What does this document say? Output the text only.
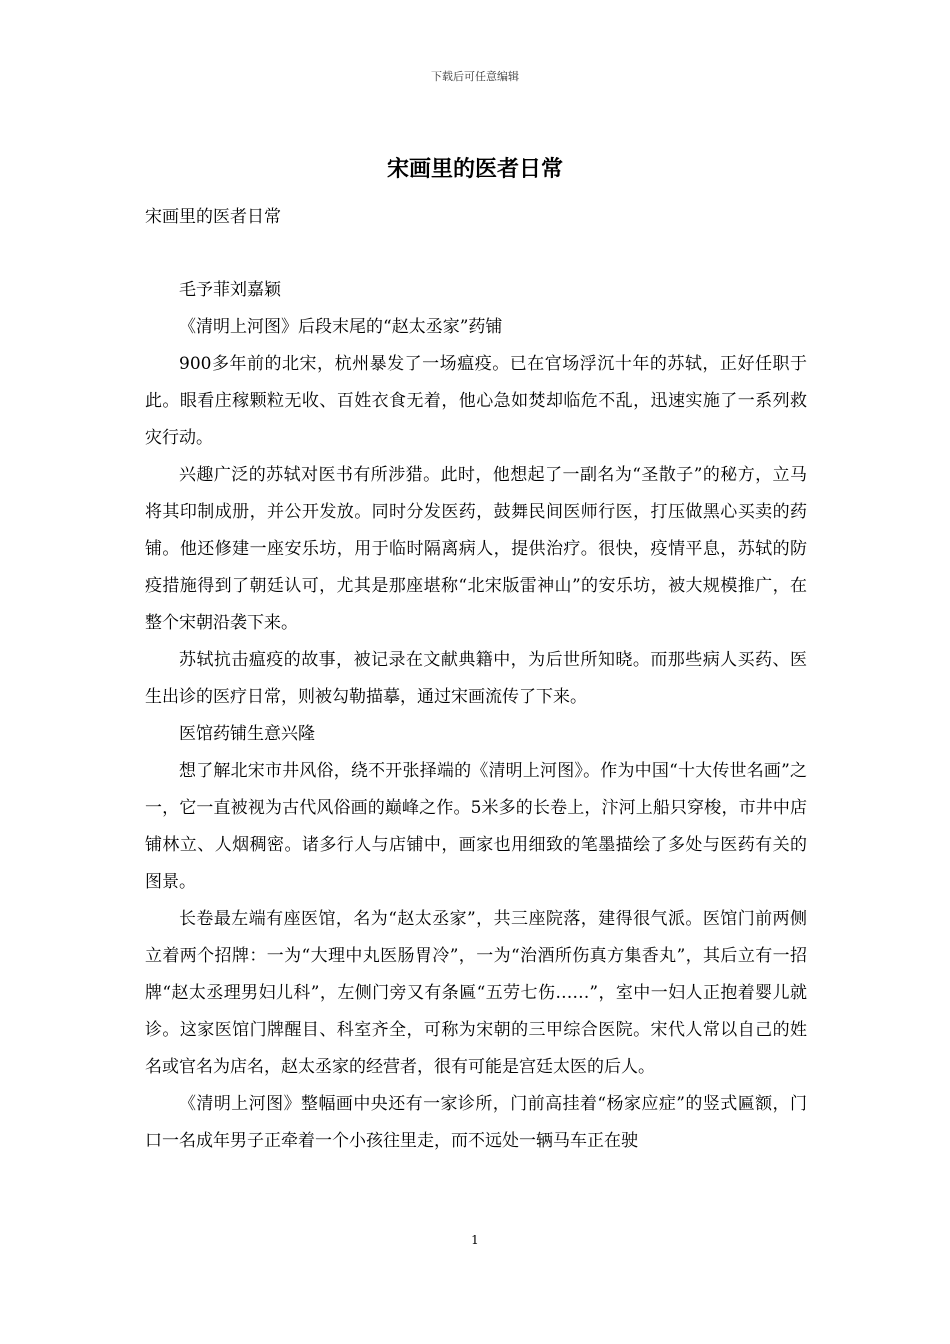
下载后可任意编辑
宋画里的医者日常

宋画里的医者日常

毛予菲刘嘉颖

《清明上河图》后段末尾的“赵太丞家”药铺

900多年前的北宋，杭州暴发了一场瘟疫。已在官场浮沉十年的苏轼，正好任职于此。眼看庄稼颗粒无收、百姓衣食无着，他心急如焚却临危不乱，迅速实施了一系列救灾行动。

兴趣广泛的苏轼对医书有所涉猎。此时，他想起了一副名为“圣散子”的秘方，立马将其印制成册，并公开发放。同时分发医药，鼓舞民间医师行医，打压做黑心买卖的药铺。他还修建一座安乐坊，用于临时隔离病人，提供治疗。很快，疫情平息，苏轼的防疫措施得到了朝廷认可，尤其是那座堪称“北宋版雷神山”的安乐坊，被大规模推广，在整个宋朝沿袭下来。

苏轼抗击瘟疫的故事，被记录在文献典籍中，为后世所知晓。而那些病人买药、医生出诊的医疗日常，则被勾勒描摹，通过宋画流传了下来。

医馆药铺生意兴隆

想了解北宋市井风俗，绕不开张择端的《清明上河图》。作为中国“十大传世名画”之一，它一直被视为古代风俗画的巅峰之作。5米多的长卷上，汴河上船只穿梭，市井中店铺林立、人烟稠密。诸多行人与店铺中，画家也用细致的笔墨描绘了多处与医药有关的图景。

长卷最左端有座医馆，名为“赵太丞家”，共三座院落，建得很气派。医馆门前两侧立着两个招牌：一为“大理中丸医肠胃冷”，一为“治酒所伤真方集香丸”，其后立有一招牌“赵太丞理男妇儿科”，左侧门旁又有条匾“五劳七伤……”，室中一妇人正抱着婴儿就诊。这家医馆门牌醒目、科室齐全，可称为宋朝的三甲综合医院。宋代人常以自己的姓名或官名为店名，赵太丞家的经营者，很有可能是宫廷太医的后人。

《清明上河图》整幅画中央还有一家诊所，门前高挂着“杨家应症”的竖式匾额，门口一名成年男子正牵着一个小孩往里走，而不远处一辆马车正在驶

1
